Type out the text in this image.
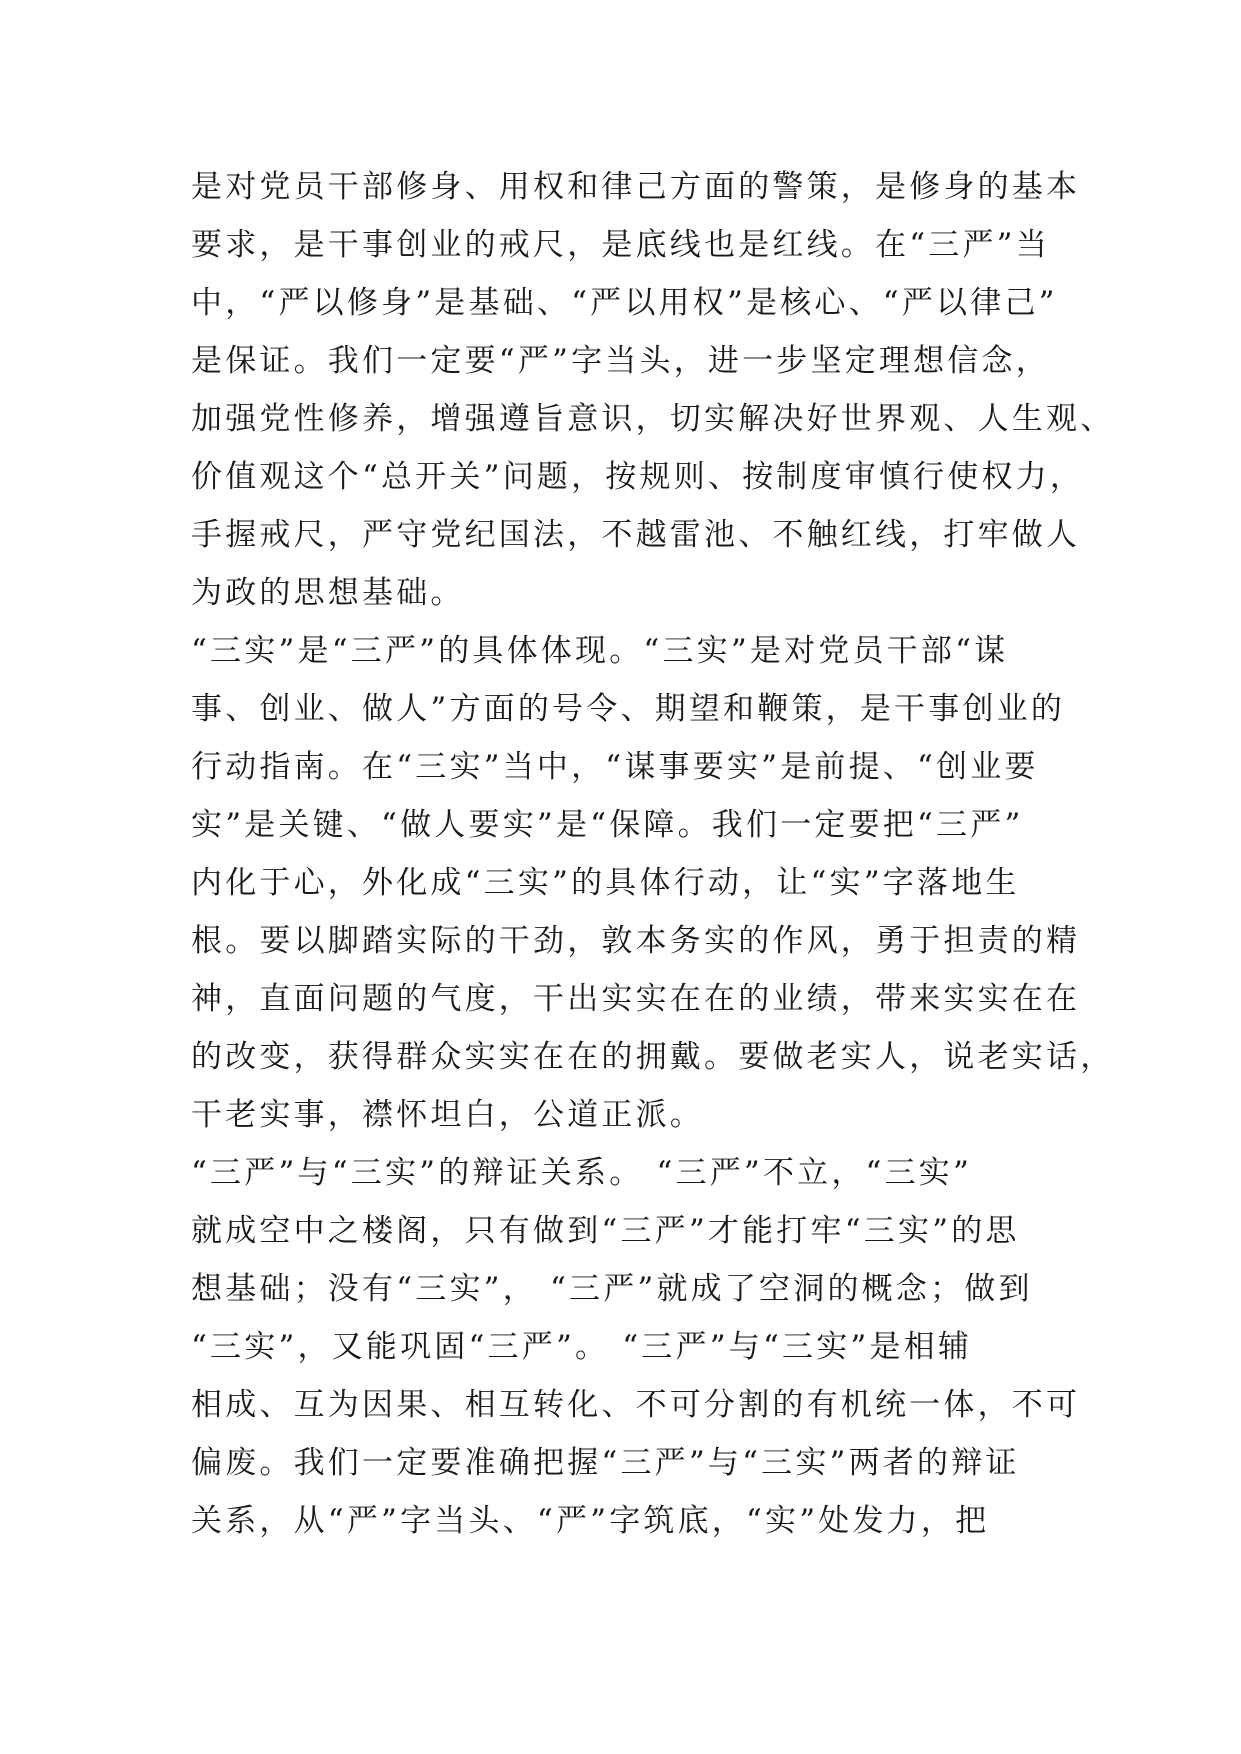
是对党员干部修身、用权和律己方面的警策，是修身的基本
要求，是干事创业的戒尺，是底线也是红线。在“三严”当
中，“严以修身”是基础、“严以用权”是核心、“严以律己”
是保证。我们一定要“严”字当头，进一步坚定理想信念，
加强党性修养，增强遵旨意识，切实解决好世界观、人生观、
价值观这个“总开关”问题，按规则、按制度审慎行使权力，
手握戒尺，严守党纪国法，不越雷池、不触红线，打牢做人
为政的思想基础。
“三实”是“三严”的具体体现。“三实”是对党员干部“谋
事、创业、做人”方面的号令、期望和鞭策，是干事创业的
行动指南。在“三实”当中，“谋事要实”是前提、“创业要
实”是关键、“做人要实”是“保障。我们一定要把“三严”
内化于心，外化成“三实”的具体行动，让“实”字落地生
根。要以脚踏实际的干劲，敦本务实的作风，勇于担责的精
神，直面问题的气度，干出实实在在的业绩，带来实实在在
的改变，获得群众实实在在的拥戴。要做老实人，说老实话，
干老实事，襟怀坦白，公道正派。
“三严”与“三实”的辩证关系。 “三严”不立，“三实”
就成空中之楼阁，只有做到“三严”才能打牢“三实”的思
想基础；没有“三实”， “三严”就成了空洞的概念；做到
“三实”，又能巩固“三严”。 “三严”与“三实”是相辅
相成、互为因果、相互转化、不可分割的有机统一体，不可
偏废。我们一定要准确把握“三严”与“三实”两者的辩证
关系，从“严”字当头、“严”字筑底，“实”处发力，把
